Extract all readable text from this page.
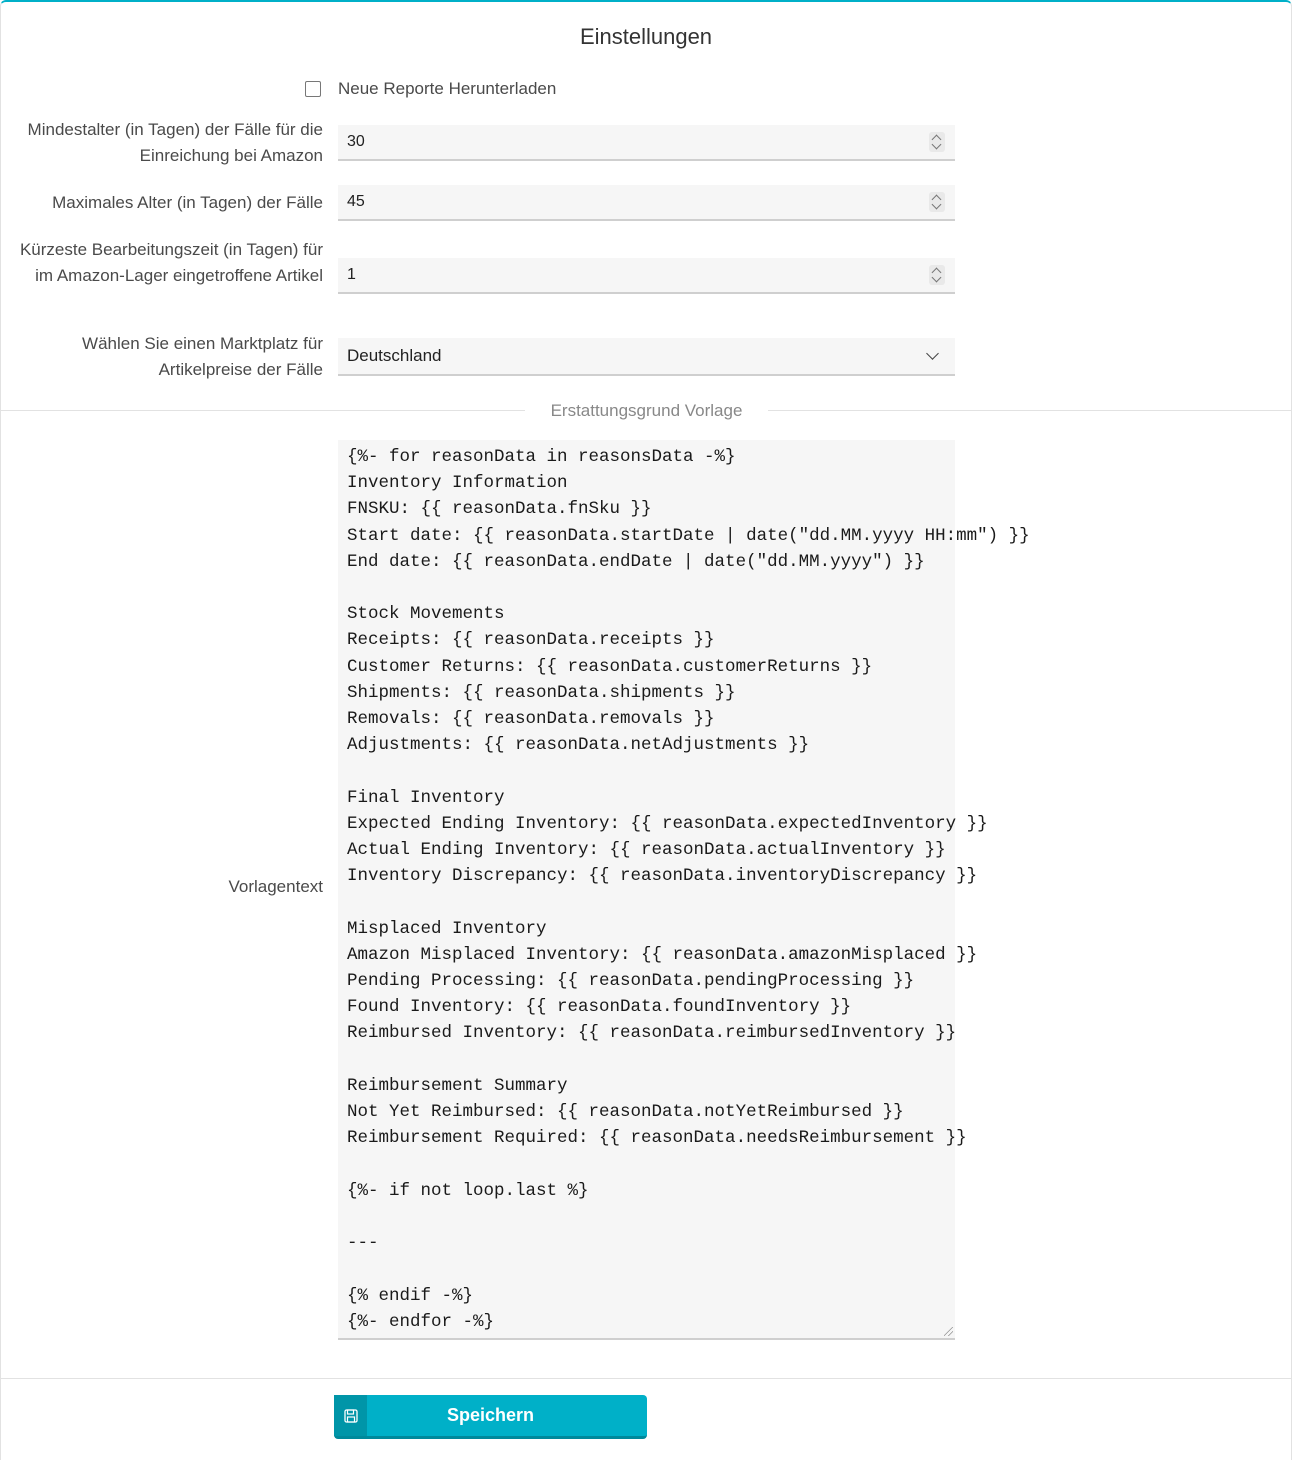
Einstellungen
Neue Reporte Herunterladen
Mindestalter (in Tagen) der Fälle für die Einreichung bei Amazon
30
Maximales Alter (in Tagen) der Fälle 45
Kürzeste Bearbeitungszeit (in Tagen) für im Amazon-Lager eingetroffene Artikel 1
Wählen Sie einen Marktplatz für Artikelpreise der Fälle
Deutschland
Erstattungsgrund Vorlage
Vorlagentext
{%- for reasonData in reasonsData -%}
Inventory Information
FNSKU: {{ reasonData.fnSku }}
Start date: {{ reasonData.startDate | date("dd.MM.yyyy HH:mm") }}
End date: {{ reasonData.endDate | date("dd.MM.yyyy") }}

Stock Movements
Receipts: {{ reasonData.receipts }}
Customer Returns: {{ reasonData.customerReturns }}
Shipments: {{ reasonData.shipments }}
Removals: {{ reasonData.removals }}
Adjustments: {{ reasonData.netAdjustments }}

Final Inventory
Expected Ending Inventory: {{ reasonData.expectedInventory }}
Actual Ending Inventory: {{ reasonData.actualInventory }}
Inventory Discrepancy: {{ reasonData.inventoryDiscrepancy }}

Misplaced Inventory
Amazon Misplaced Inventory: {{ reasonData.amazonMisplaced }}
Pending Processing: {{ reasonData.pendingProcessing }}
Found Inventory: {{ reasonData.foundInventory }}
Reimbursed Inventory: {{ reasonData.reimbursedInventory }}

Reimbursement Summary
Not Yet Reimbursed: {{ reasonData.notYetReimbursed }}
Reimbursement Required: {{ reasonData.needsReimbursement }}

{%- if not loop.last %}

---

{% endif -%}
{%- endfor -%}
Speichern
